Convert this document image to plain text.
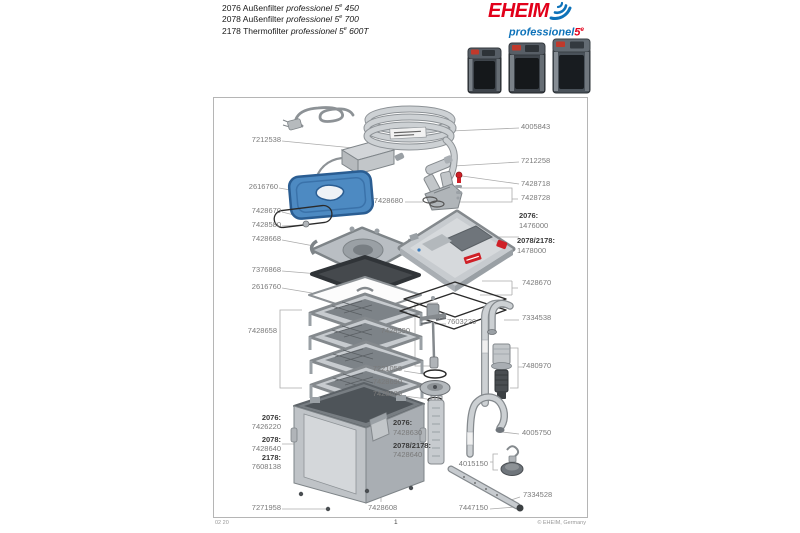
2076 Außenfilter professionel 5e 450
2078 Außenfilter professionel 5e 700
2178 Thermofilter professionel 5e 600T
EHEIM
professionel5e
7212538
2616760
7428670
7428580
7428668
7376868
2616760
7428658
2076:
7426220
2078:
7428640
2178:
7608138
7271958
7428680
7603220
7428590
7221058
7428690
7428680
2076:
7428630
2078/2178:
7428640
7428608
4015150
7447150
4005843
7212258
7428718
7428728
2076:
1476000
2078/2178:
1478000
7428670
7334538
7480970
4005750
7334528
02 20	1	© EHEIM, Germany
